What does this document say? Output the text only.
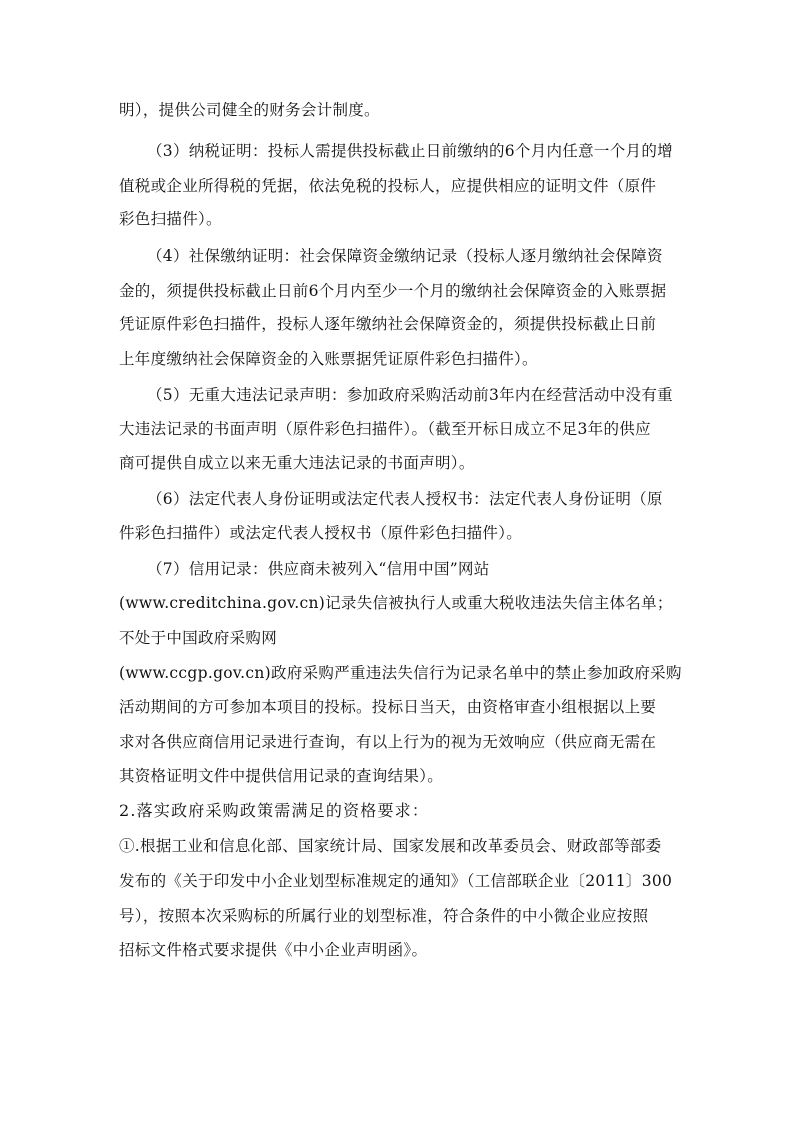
明），提供公司健全的财务会计制度。
（3）纳税证明：投标人需提供投标截止日前缴纳的6个月内任意一个月的增
值税或企业所得税的凭据，依法免税的投标人，应提供相应的证明文件（原件
彩色扫描件）。
（4）社保缴纳证明：社会保障资金缴纳记录（投标人逐月缴纳社会保障资
金的，须提供投标截止日前6个月内至少一个月的缴纳社会保障资金的入账票据
凭证原件彩色扫描件，投标人逐年缴纳社会保障资金的，须提供投标截止日前
上年度缴纳社会保障资金的入账票据凭证原件彩色扫描件）。
（5）无重大违法记录声明：参加政府采购活动前3年内在经营活动中没有重
大违法记录的书面声明（原件彩色扫描件）。（截至开标日成立不足3年的供应
商可提供自成立以来无重大违法记录的书面声明）。
（6）法定代表人身份证明或法定代表人授权书：法定代表人身份证明（原
件彩色扫描件）或法定代表人授权书（原件彩色扫描件）。
（7）信用记录：供应商未被列入“信用中国”网站
(www.creditchina.gov.cn)记录失信被执行人或重大税收违法失信主体名单；
不处于中国政府采购网
(www.ccgp.gov.cn)政府采购严重违法失信行为记录名单中的禁止参加政府采购
活动期间的方可参加本项目的投标。投标日当天，由资格审查小组根据以上要
求对各供应商信用记录进行查询，有以上行为的视为无效响应（供应商无需在
其资格证明文件中提供信用记录的查询结果）。
2.落实政府采购政策需满足的资格要求：
①.根据工业和信息化部、国家统计局、国家发展和改革委员会、财政部等部委
发布的《关于印发中小企业划型标准规定的通知》（工信部联企业〔2011〕300
号），按照本次采购标的所属行业的划型标准，符合条件的中小微企业应按照
招标文件格式要求提供《中小企业声明函》。
